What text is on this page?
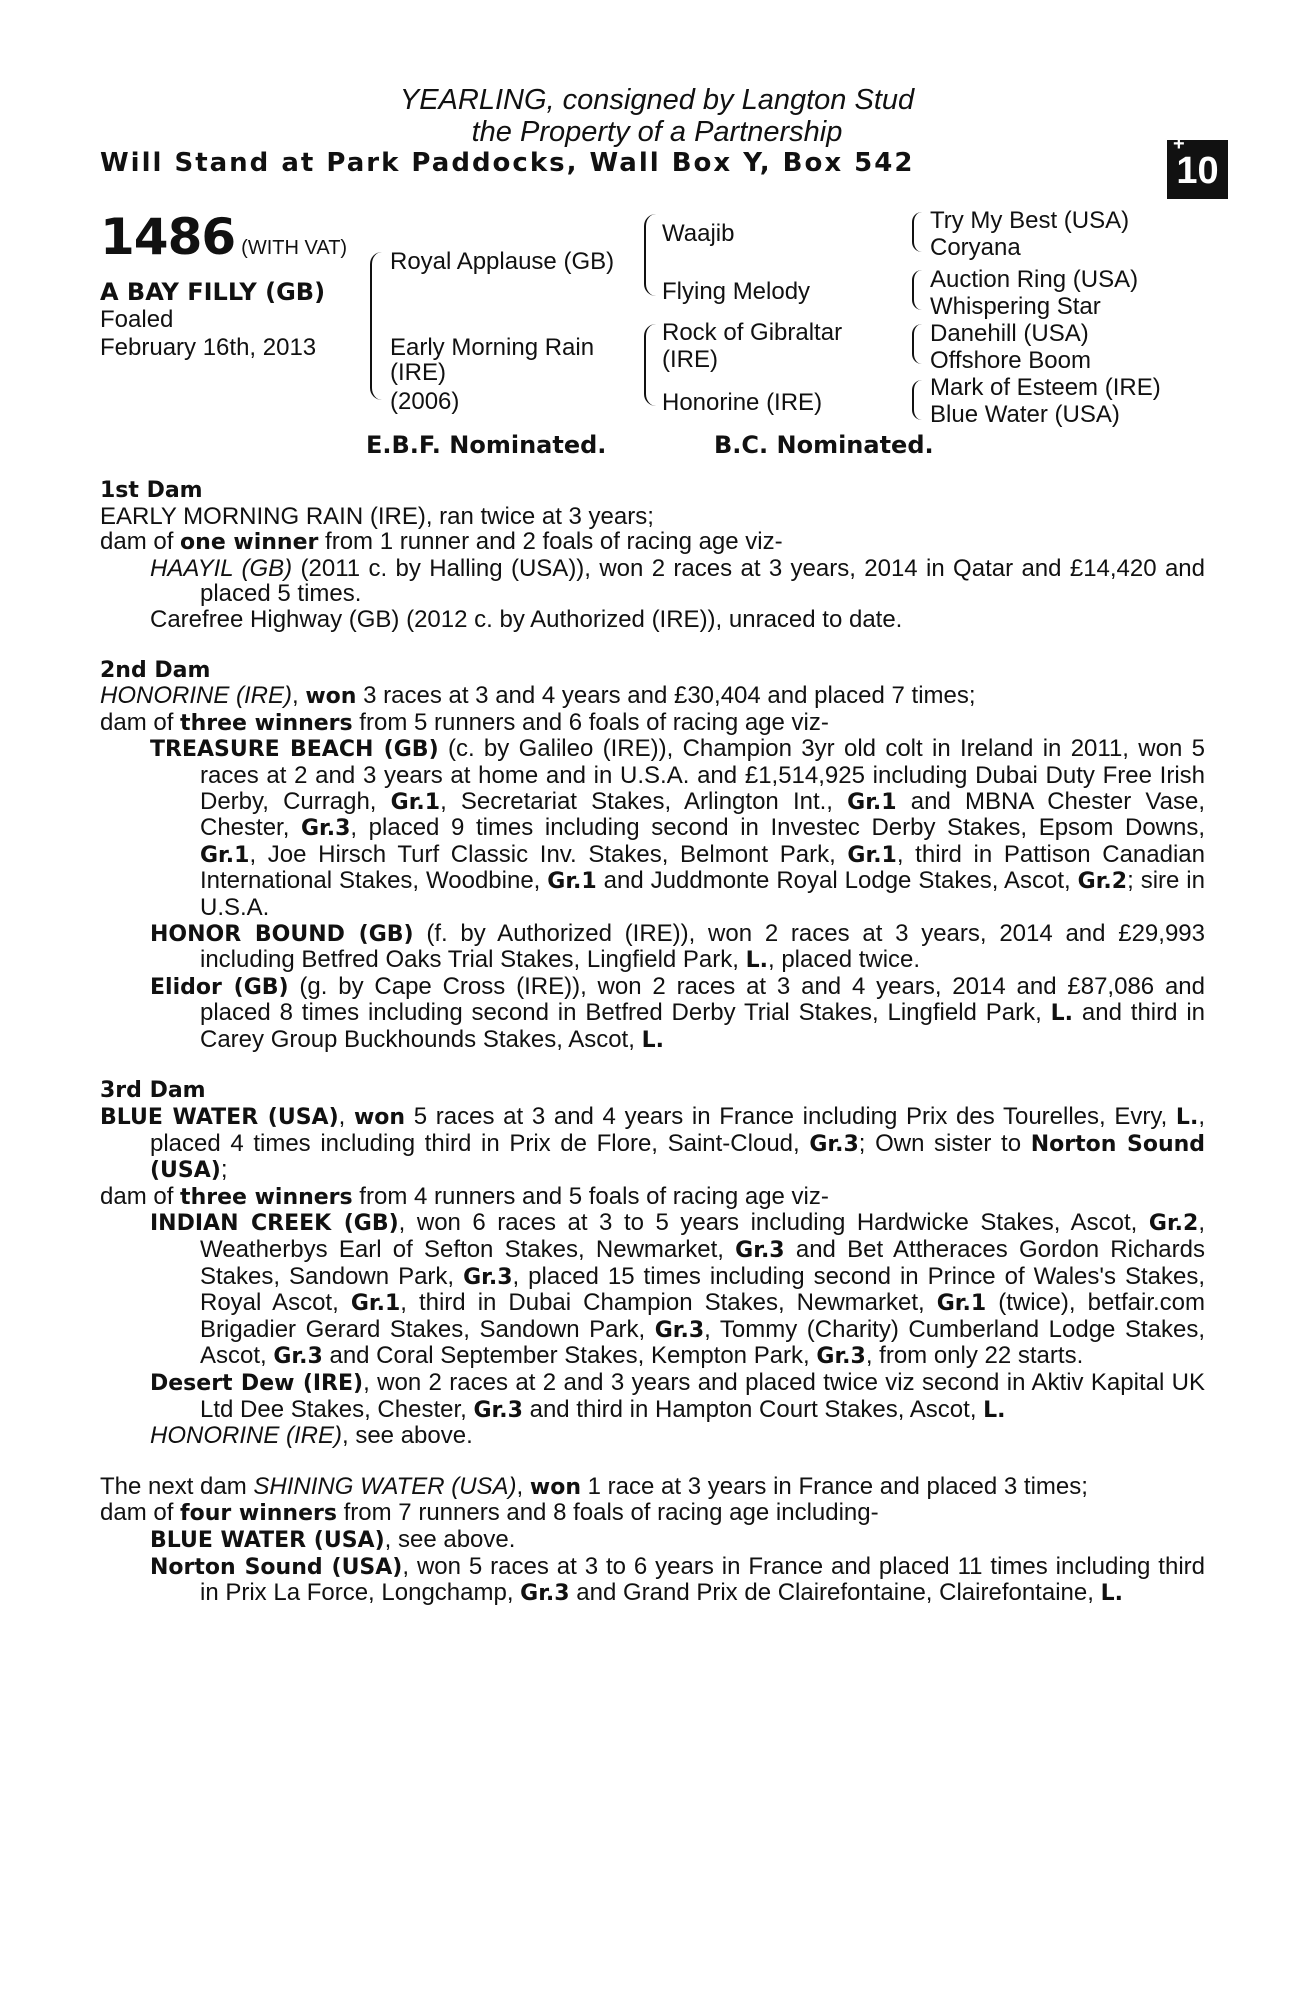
YEARLING, consigned by Langton Stud
the Property of a Partnership
Will Stand at Park Paddocks, Wall Box Y, Box 542
+
10
1486 (WITH VAT)
A BAY FILLY (GB)
Foaled
February 16th, 2013
Royal Applause (GB)
Early Morning Rain
(IRE)
(2006)
Waajib
Flying Melody
Rock of Gibraltar
(IRE)
Honorine (IRE)
Try My Best (USA)
Coryana
Auction Ring (USA)
Whispering Star
Danehill (USA)
Offshore Boom
Mark of Esteem (IRE)
Blue Water (USA)
E.B.F. Nominated.	B.C. Nominated.
1st Dam
EARLY MORNING RAIN (IRE), ran twice at 3 years;
dam of one winner from 1 runner and 2 foals of racing age viz-
HAAYIL (GB) (2011 c. by Halling (USA)), won 2 races at 3 years, 2014 in Qatar and £14,420 and placed 5 times.
Carefree Highway (GB) (2012 c. by Authorized (IRE)), unraced to date.
2nd Dam
HONORINE (IRE), won 3 races at 3 and 4 years and £30,404 and placed 7 times;
dam of three winners from 5 runners and 6 foals of racing age viz-
TREASURE BEACH (GB) (c. by Galileo (IRE)), Champion 3yr old colt in Ireland in 2011, won 5 races at 2 and 3 years at home and in U.S.A. and £1,514,925 including Dubai Duty Free Irish Derby, Curragh, Gr.1, Secretariat Stakes, Arlington Int., Gr.1 and MBNA Chester Vase, Chester, Gr.3, placed 9 times including second in Investec Derby Stakes, Epsom Downs, Gr.1, Joe Hirsch Turf Classic Inv. Stakes, Belmont Park, Gr.1, third in Pattison Canadian International Stakes, Woodbine, Gr.1 and Juddmonte Royal Lodge Stakes, Ascot, Gr.2; sire in U.S.A.
HONOR BOUND (GB) (f. by Authorized (IRE)), won 2 races at 3 years, 2014 and £29,993 including Betfred Oaks Trial Stakes, Lingfield Park, L., placed twice.
Elidor (GB) (g. by Cape Cross (IRE)), won 2 races at 3 and 4 years, 2014 and £87,086 and placed 8 times including second in Betfred Derby Trial Stakes, Lingfield Park, L. and third in Carey Group Buckhounds Stakes, Ascot, L.
3rd Dam
BLUE WATER (USA), won 5 races at 3 and 4 years in France including Prix des Tourelles, Evry, L., placed 4 times including third in Prix de Flore, Saint-Cloud, Gr.3; Own sister to Norton Sound (USA);
dam of three winners from 4 runners and 5 foals of racing age viz-
INDIAN CREEK (GB), won 6 races at 3 to 5 years including Hardwicke Stakes, Ascot, Gr.2, Weatherbys Earl of Sefton Stakes, Newmarket, Gr.3 and Bet Attheraces Gordon Richards Stakes, Sandown Park, Gr.3, placed 15 times including second in Prince of Wales's Stakes, Royal Ascot, Gr.1, third in Dubai Champion Stakes, Newmarket, Gr.1 (twice), betfair.com Brigadier Gerard Stakes, Sandown Park, Gr.3, Tommy (Charity) Cumberland Lodge Stakes, Ascot, Gr.3 and Coral September Stakes, Kempton Park, Gr.3, from only 22 starts.
Desert Dew (IRE), won 2 races at 2 and 3 years and placed twice viz second in Aktiv Kapital UK Ltd Dee Stakes, Chester, Gr.3 and third in Hampton Court Stakes, Ascot, L.
HONORINE (IRE), see above.
The next dam SHINING WATER (USA), won 1 race at 3 years in France and placed 3 times;
dam of four winners from 7 runners and 8 foals of racing age including-
BLUE WATER (USA), see above.
Norton Sound (USA), won 5 races at 3 to 6 years in France and placed 11 times including third in Prix La Force, Longchamp, Gr.3 and Grand Prix de Clairefontaine, Clairefontaine, L.
